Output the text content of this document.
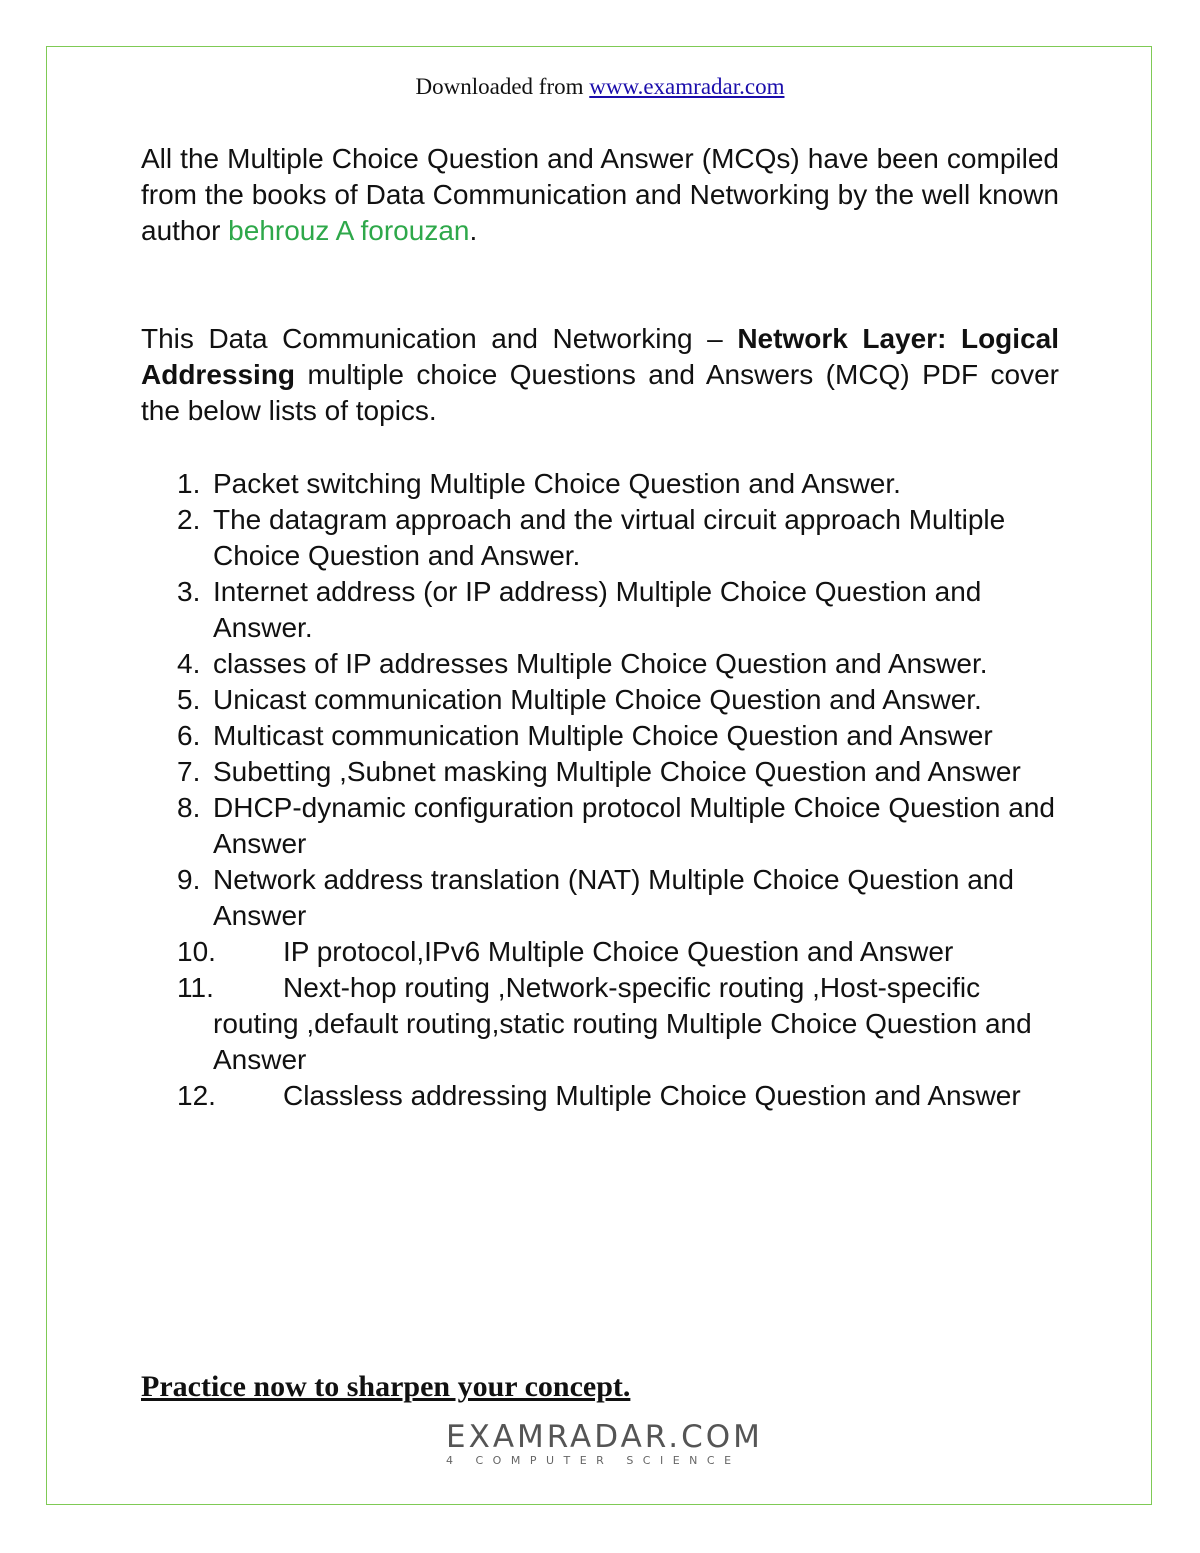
Downloaded from www.examradar.com
All the Multiple Choice Question and Answer (MCQs) have been compiled from the books of Data Communication and Networking by the well known author behrouz A forouzan.
This Data Communication and Networking – Network Layer: Logical Addressing multiple choice Questions and Answers (MCQ) PDF cover the below lists of topics.
1. Packet switching Multiple Choice Question and Answer.
2. The datagram approach and the virtual circuit approach Multiple Choice Question and Answer.
3. Internet address (or IP address) Multiple Choice Question and Answer.
4. classes of IP addresses Multiple Choice Question and Answer.
5. Unicast communication Multiple Choice Question and Answer.
6. Multicast communication Multiple Choice Question and Answer
7. Subetting ,Subnet masking Multiple Choice Question and Answer
8. DHCP-dynamic configuration protocol Multiple Choice Question and Answer
9. Network address translation (NAT) Multiple Choice Question and Answer
10. IP protocol,IPv6 Multiple Choice Question and Answer
11. Next-hop routing ,Network-specific routing ,Host-specific routing ,default routing,static routing Multiple Choice Question and Answer
12. Classless addressing Multiple Choice Question and Answer
Practice now to sharpen your concept.
EXAMRADAR.COM
4 COMPUTER SCIENCE
